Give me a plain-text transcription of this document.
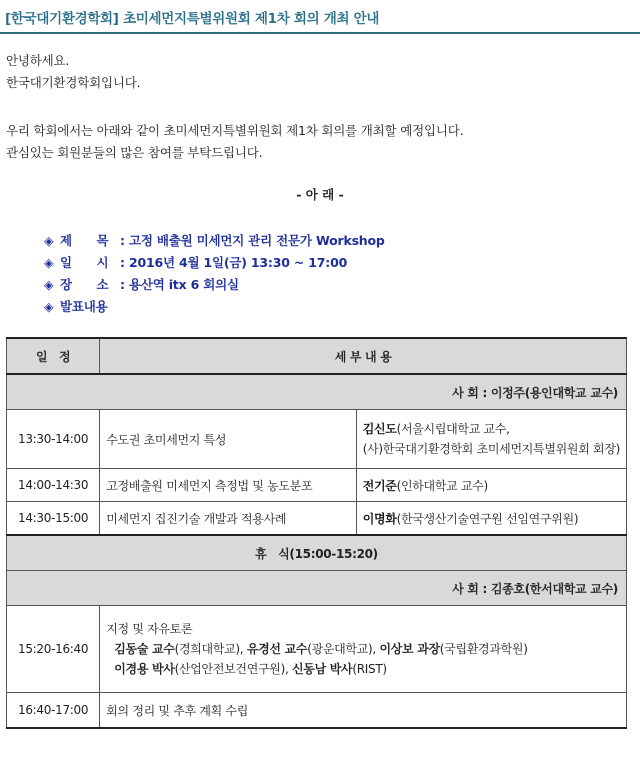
[한국대기환경학회] 초미세먼지특별위원회 제1차 회의 개최 안내

안녕하세요.

한국대기환경학회입니다.

우리 학회에서는 아래와 같이 초미세먼지특별위원회 제1차 회의를 개최할 예정입니다.

관심있는 회원분들의 많은 참여를 부탁드립니다.

- 아 래 -
◈ 제　　목 : 고정 배출원 미세먼지 관리 전문가 Workshop
◈ 일　　시 : 2016년 4월 1일(금) 13:30 ~ 17:00
◈ 장　　소 : 용산역 itx 6 회의실
◈ 발표내용
일　정	세 부 내 용	
사 회 : 이정주(용인대학교 교수)		
13:30-14:00	수도권 초미세먼지 특성	김신도(서울시립대학교 교수,
(사)한국대기환경학회 초미세먼지특별위원회 회장)

14:00-14:30	고정배출원 미세먼지 측정법 및 농도분포	전기준(인하대학교 교수)
14:30-15:00	미세먼지 집진기술 개발과 적용사례	이명화(한국생산기술연구원 선임연구위원)
휴　식(15:00-15:20)		
사 회 : 김종호(한서대학교 교수)		
15:20-16:40	지정 및 자유토론
김동술 교수(경희대학교), 유경선 교수(광운대학교), 이상보 과장(국립환경과학원)
이경용 박사(산업안전보건연구원), 신동남 박사(RIST)	

16:40-17:00	회의 정리 및 추후 계획 수립	
